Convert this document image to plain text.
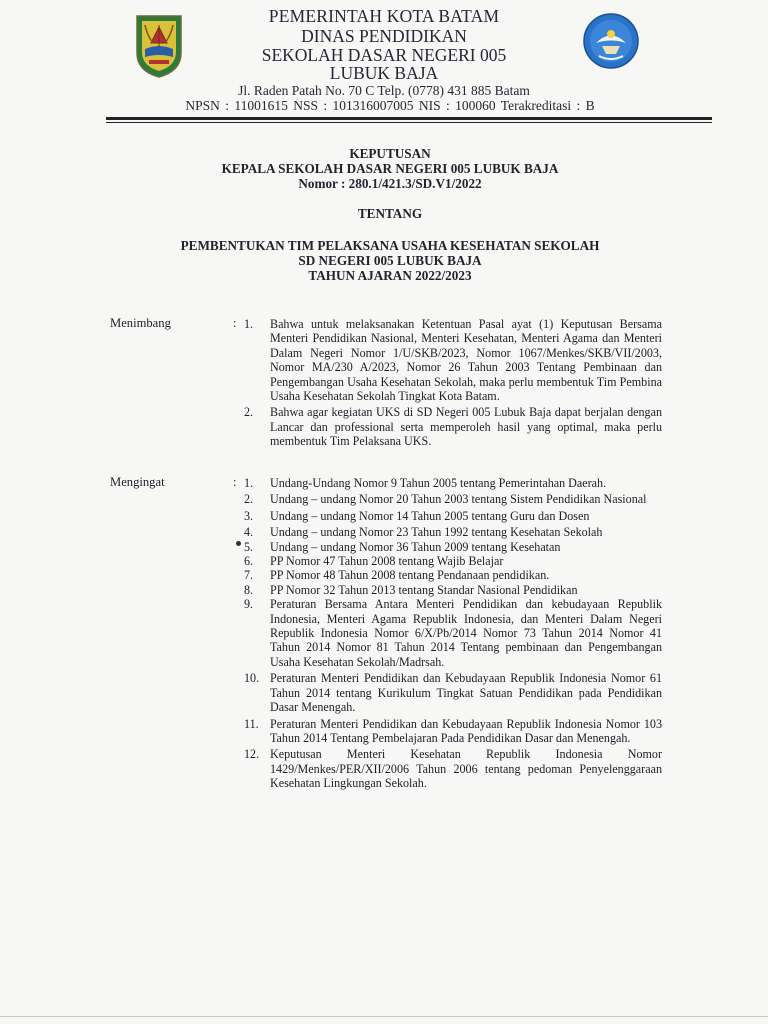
PEMERINTAH KOTA BATAM
DINAS PENDIDIKAN
SEKOLAH DASAR NEGERI 005
LUBUK BAJA
Jl. Raden Patah No. 70 C Telp. (0778) 431 885 Batam
NPSN : 11001615 NSS : 101316007005 NIS : 100060 Terakreditasi : B
KEPUTUSAN
KEPALA SEKOLAH DASAR NEGERI 005 LUBUK BAJA
Nomor : 280.1/421.3/SD.V1/2022
TENTANG
PEMBENTUKAN TIM PELAKSANA USAHA KESEHATAN SEKOLAH
SD NEGERI 005 LUBUK BAJA
TAHUN AJARAN 2022/2023
Menimbang	: 1.	Bahwa untuk melaksanakan Ketentuan Pasal ayat (1) Keputusan Bersama Menteri Pendidikan Nasional, Menteri Kesehatan, Menteri Agama dan Menteri Dalam Negeri Nomor 1/U/SKB/2023, Nomor 1067/Menkes/SKB/VII/2003, Nomor MA/230 A/2023, Nomor 26 Tahun 2003 Tentang Pembinaan dan Pengembangan Usaha Kesehatan Sekolah, maka perlu membentuk Tim Pembina Usaha Kesehatan Sekolah Tingkat Kota Batam.
2.	Bahwa agar kegiatan UKS di SD Negeri 005 Lubuk Baja dapat berjalan dengan Lancar dan professional serta memperoleh hasil yang optimal, maka perlu membentuk Tim Pelaksana UKS.
Mengingat	: 1.	Undang-Undang Nomor 9 Tahun 2005 tentang Pemerintahan Daerah.
2.	Undang – undang Nomor 20 Tahun 2003 tentang Sistem Pendidikan Nasional
3.	Undang – undang Nomor 14 Tahun 2005 tentang Guru dan Dosen
4.	Undang – undang Nomor 23 Tahun 1992 tentang Kesehatan Sekolah
5.	Undang – undang Nomor 36 Tahun 2009 tentang Kesehatan
6.	PP Nomor 47 Tahun 2008 tentang Wajib Belajar
7.	PP Nomor 48 Tahun 2008 tentang Pendanaan pendidikan.
8.	PP Nomor 32 Tahun 2013 tentang Standar Nasional Pendidikan
9.	Peraturan Bersama Antara Menteri Pendidikan dan kebudayaan Republik Indonesia, Menteri Agama Republik Indonesia, dan Menteri Dalam Negeri Republik Indonesia Nomor 6/X/Pb/2014 Nomor 73 Tahun 2014 Nomor 41 Tahun 2014 Nomor 81 Tahun 2014 Tentang pembinaan dan Pengembangan Usaha Kesehatan Sekolah/Madrsah.
10. Peraturan Menteri Pendidikan dan Kebudayaan Republik Indonesia Nomor 61 Tahun 2014 tentang Kurikulum Tingkat Satuan Pendidikan pada Pendidikan Dasar Menengah.
11. Peraturan Menteri Pendidikan dan Kebudayaan Republik Indonesia Nomor 103 Tahun 2014 Tentang Pembelajaran Pada Pendidikan Dasar dan Menengah.
12. Keputusan Menteri Kesehatan Republik Indonesia Nomor 1429/Menkes/PER/XII/2006 Tahun 2006 tentang pedoman Penyelenggaraan Kesehatan Lingkungan Sekolah.
